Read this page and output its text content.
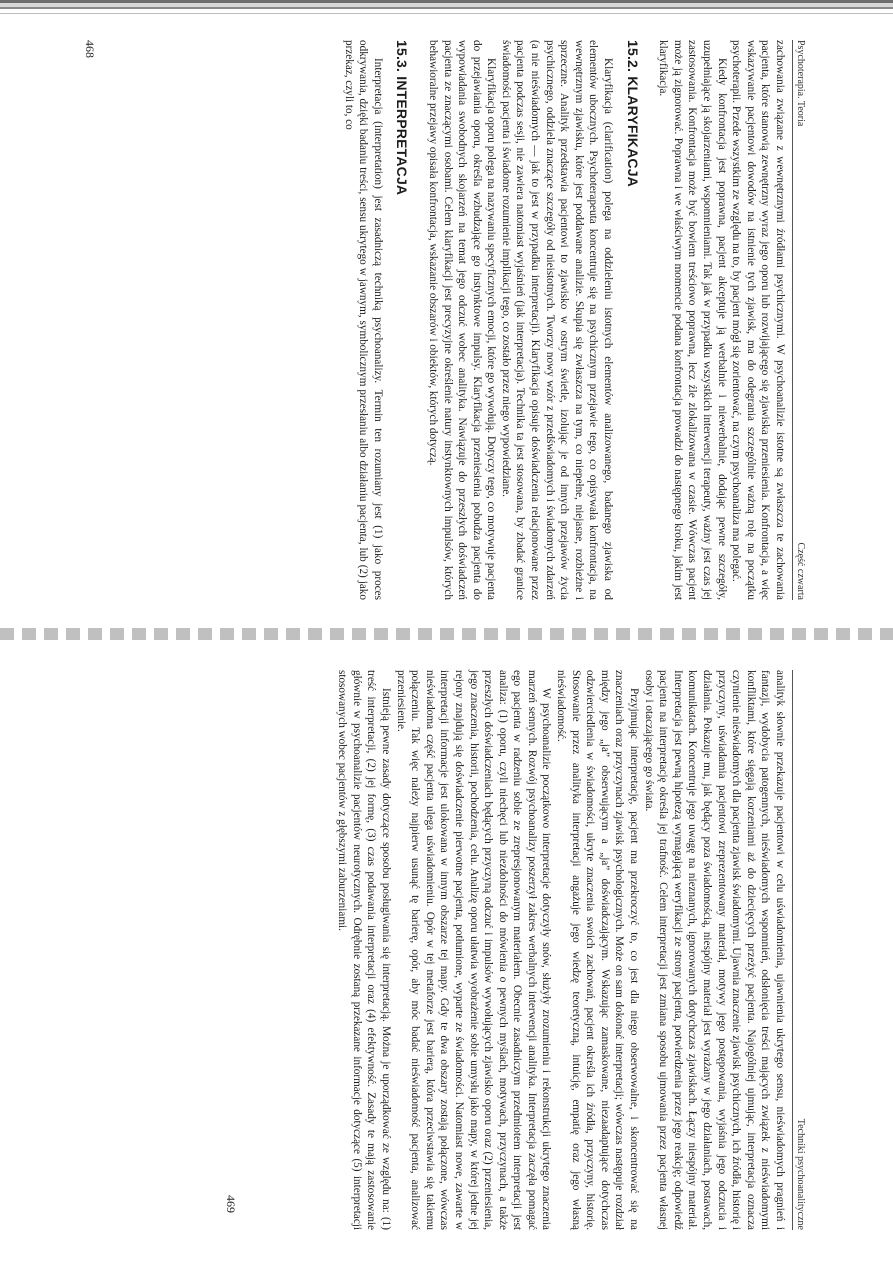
Psychoterapia. Teoria
Część czwarta

zachowania związane z wewnętrznymi źródłami psychicznymi. W psychoanalizie istotne są zwłaszcza te zachowania pacjenta, które stanowią zewnętrzny wyraz jego oporu lub rozwijającego się zjawiska przeniesienia. Konfrontacja, a więc wskazywanie pacjentowi dowodów na istnienie tych zjawisk, ma do odegrania szczególnie ważną rolę na początku psychoterapii. Przede wszystkim ze względu na to, by pacjent mógł się zorientować, na czym psychoanaliza ma polegać.

Kiedy konfrontacja jest poprawna, pacjent akceptuje ją werbalnie i niewerbalnie, dodając pewne szczegóły, uzupełniające ją skojarzeniami, wspomnieniami. Tak jak w przypadku wszystkich interwencji terapeuty, ważny jest czas jej zastosowania. Konfrontacja może być bowiem treściowo poprawna, lecz źle zlokalizowana w czasie. Wówczas pacjent może ją zignorować. Poprawna i we właściwym momencie podana konfrontacja prowadzi do następnego kroku, jakim jest klaryfikacja.

15.2. KLARYFIKACJA

Klaryfikacja (clarification) polega na oddzieleniu istotnych elementów analizowanego, badanego zjawiska od elementów ubocznych. Psychoterapeuta koncentruje się na psychicznym przejawie tego, co opisywała konfrontacja, na wewnętrznym zjawisku, które jest poddawane analizie. Skupia się zwłaszcza na tym, co niepełne, niejasne, rozbieżne i sprzeczne. Analityk przedstawia pacjentowi to zjawisko w ostrym świetle, izolując je od innych przejawów życia psychicznego, oddziela znaczące szczegóły od nieistotnych. Tworzy nowy wzór z przedświadomych i świadomych zdarzeń (a nie nieświadomych — jak to jest w przypadku interpretacji). Klaryfikacja opisuje doświadczenia relacjonowane przez pacjenta podczas sesji, nie zawiera natomiast wyjaśnień (jak interpretacja). Technika ta jest stosowana, by zbadać granice świadomości pacjenta i świadome rozumienie implikacji tego, co zostało przez niego wypowiedziane.

Klaryfikacja oporu polega na nazywaniu specyficznych emocji, które go wywołują. Dotyczy tego, co motywuje pacjenta do przejawiania oporu, określa wzbudzające go instynktowe impulsy. Klaryfikacja przeniesienia pobudza pacjenta do wypowiadania swobodnych skojarzeń na temat jego odczuć wobec analityka. Nawiązuje do przeszłych doświadczeń pacjenta ze znaczącymi osobami. Celem klaryfikacji jest precyzyjne określenie natury instynktownych impulsów, których behawioralne przejawy opisała konfrontacja, wskazanie obszarów i obiektów, których dotyczą.

15.3. INTERPRETACJA

Interpretacja (interpretation) jest zasadniczą techniką psychoanalizy. Termin ten rozumiany jest (1) jako proces odkrywania, dzięki badaniu treści, sensu ukrytego w jawnym, symbolicznym przesłaniu albo działaniu pacjenta, lub (2) jako przekaz, czyli to, co

468
Techniki psychoanalityczne

analityk słownie przekazuje pacjentowi w celu uświadomienia, ujawnienia ukrytego sensu, nieświadomych pragnień i fantazji, wydobycia patogennych, nieświadomych wspomnień, odsłonięcia treści mających związek z nieświadomymi konfliktami, które sięgają korzeniami aż do dziecięcych przeżyć pacjenta. Najogólniej ujmując, interpretacja oznacza czynienie nieświadomych dla pacjenta zjawisk świadomymi. Ujawnia znaczenie zjawisk psychicznych, ich źródła, historię i przyczyny, uświadamia pacjentowi zreprezentowany materiał, motywy jego postępowania, wyjaśnia jego odczucia i działania. Pokazuje mu, jak będący poza świadomością, niespójny materiał jest wyrażany w jego działaniach, postawach, komunikatach. Koncentruje jego uwagę na nieznanych, ignorowanych dotychczas zjawiskach. Łączy niespójny materiał. Interpretacja jest pewną hipotezą wymagającą weryfikacji ze strony pacjenta, potwierdzenia przez jego reakcję; odpowiedź pacjenta na interpretację określa jej trafność. Celem interpretacji jest zmiana sposobu ujmowania przez pacjenta własnej osoby i otaczającego go świata.

Przyjmując interpretację, pacjent ma przekroczyć to, co jest dla niego obserwowalne, i skoncentrować się na znaczeniach oraz przyczynach zjawisk psychologicznych. Może on sam dokonać interpretacji; wówczas następuje rozdział między jego „ja” obserwującym a „ja” doświadczającym. Wskazując zamaskowane, niezaadaptujące dotychczas odzwierciedlenia w świadomości, ukryte znaczenia swoich zachowań, pacjent określa ich źródła, przyczyny, historię. Stosowanie przez analityka interpretacji angażuje jego wiedzę teoretyczną, intuicję, empatię oraz jego własną nieświadomość.

W psychoanalizie początkowo interpretacje dotyczyły snów, służyły zrozumieniu i rekonstrukcji ukrytego znaczenia marzeń sennych. Rozwój psychoanalizy poszerzył zakres werbalnych interwencji analityka. Interpretacja zaczęła pomagać ego pacjenta w radzeniu sobie ze zrepresjonowanym materiałem. Obecnie zasadniczym przedmiotem interpretacji jest analiza: (1) oporu, czyli niechęci lub niezdolności do mówienia o pewnych myślach, motywach, przyczynach, a także przeszłych doświadczeniach będących przyczyną odczuć i impulsów wywołujących zjawisko oporu oraz (2) przeniesienia, jego znaczenia, historii, pochodzenia, celu. Analizę oporu ułatwia wyobrażenie sobie umysłu jako mapy, w której jedne jej rejony znajdują się doświadczenie pierwotne pacjenta, potłumione, wyparte ze świadomości. Natomiast nowe, zawarte w interpretacji informacje jest ulokowana w innym obszarze tej mapy. Gdy te dwa obszary zostają połączone, wówczas nieświadoma część pacjenta ulega uświadomieniu. Opór w tej metaforze jest barierą, która przeciwstawia się takiemu połączeniu. Tak więc należy najpierw usunąć tę barierę, opór, aby móc badać nieświadomość pacjenta, analizować przeniesienie.

Istnieją pewne zasady dotyczące sposobu posługiwania się interpretacją. Można je uporządkować ze względu na: (1) treść interpretacji, (2) jej formę, (3) czas podawania interpretacji oraz (4) efektywność. Zasady te mają zastosowanie głównie w psychoanalizie pacjentów neurotycznych. Odrębnie zostaną przekazane informacje dotyczące (5) interpretacji stosowanych wobec pacjentów z głębszymi zaburzeniami.

469
